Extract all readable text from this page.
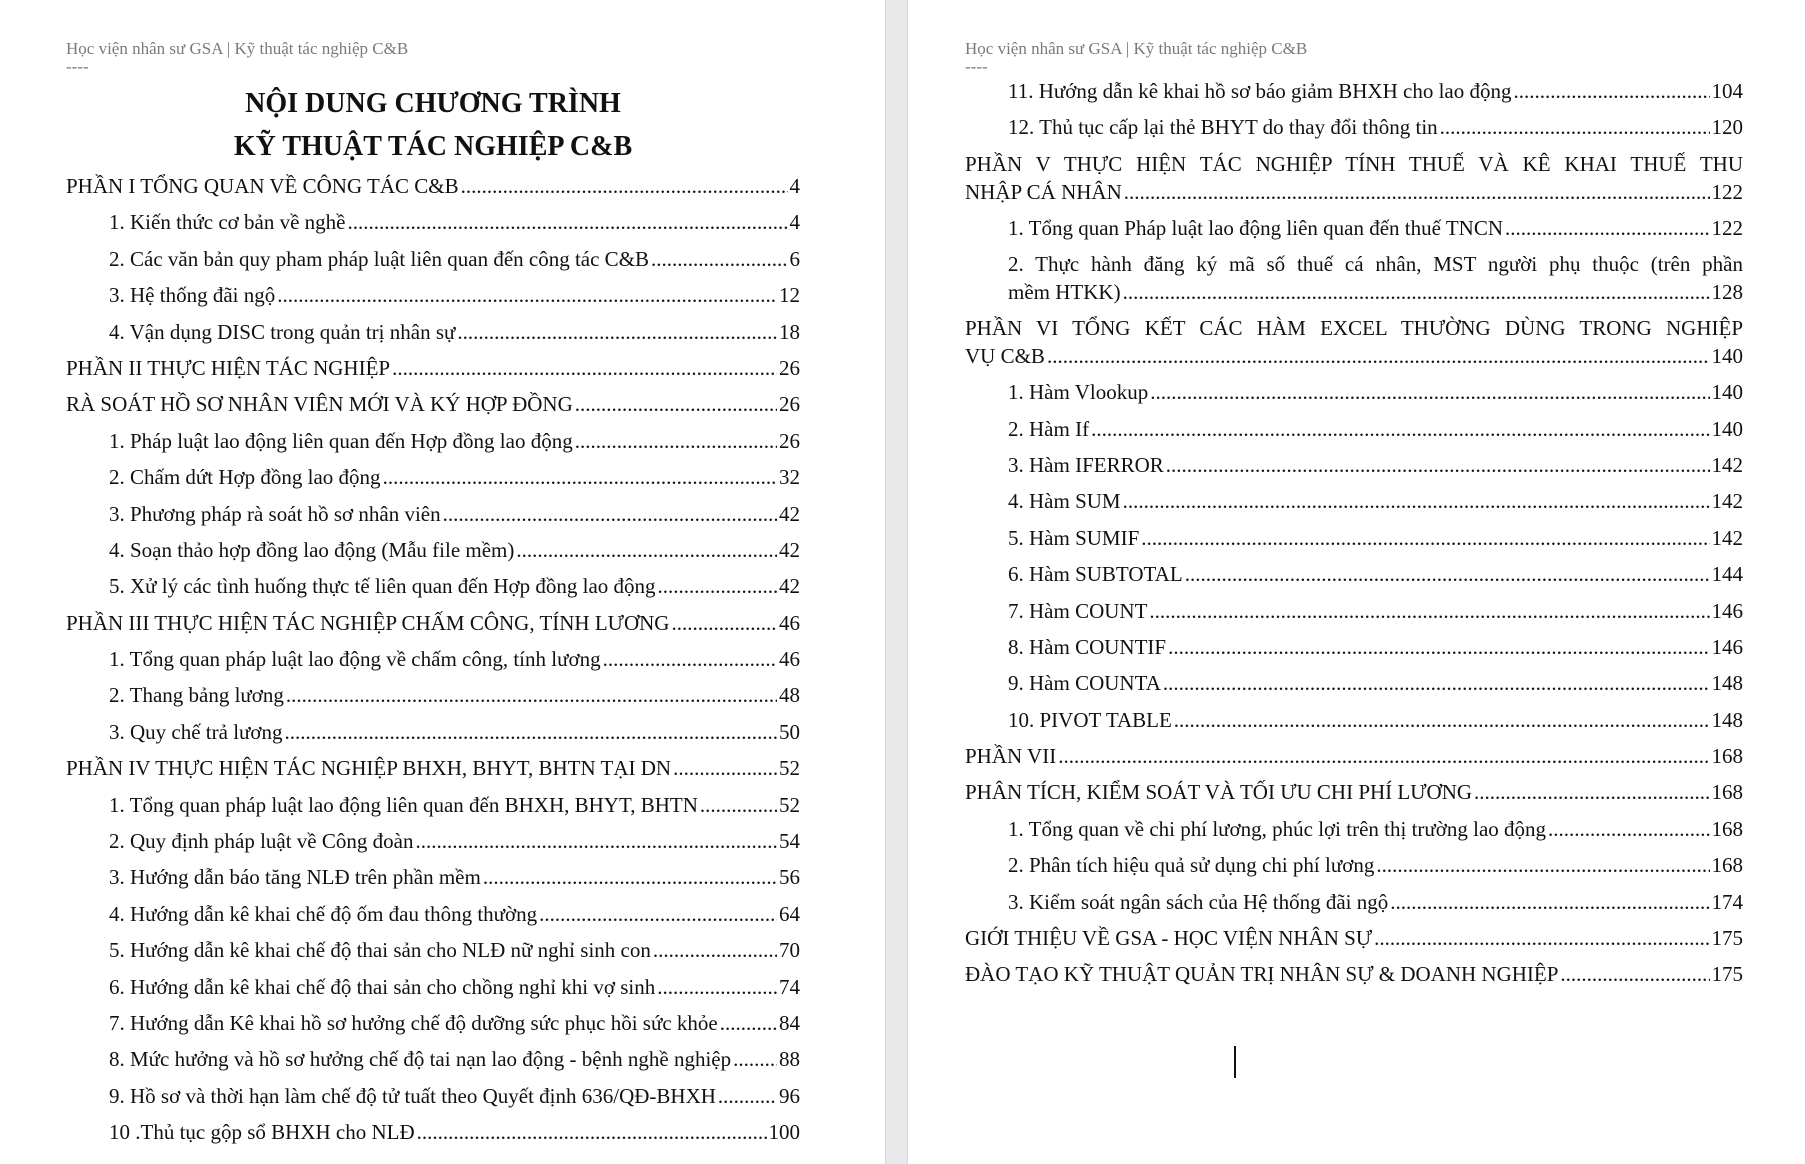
Học viện nhân sư GSA | Kỹ thuật tác nghiệp C&B
----
NỘI DUNG CHƯƠNG TRÌNH
KỸ THUẬT TÁC NGHIỆP C&B
PHẦN I TỔNG QUAN VỀ CÔNG TÁC C&B .....	4
1. Kiến thức cơ bản về nghề .....	4
2. Các văn bản quy pham pháp luật liên quan đến công tác C&B .....	6
3. Hệ thống đãi ngộ .....	12
4. Vận dụng DISC trong quản trị nhân sự .....	18
PHẦN II THỰC HIỆN TÁC NGHIỆP .....	26
RÀ SOÁT HỒ SƠ NHÂN VIÊN MỚI VÀ KÝ HỢP ĐỒNG .....	26
1. Pháp luật lao động liên quan đến Hợp đồng lao động .....	26
2. Chấm dứt Hợp đồng lao động .....	32
3. Phương pháp rà soát hồ sơ nhân viên .....	42
4. Soạn thảo hợp đồng lao động (Mẫu file mềm) .....	42
5. Xử lý các tình huống thực tế liên quan đến Hợp đồng lao động .....	42
PHẦN III THỰC HIỆN TÁC NGHIỆP CHẤM CÔNG, TÍNH LƯƠNG .....	46
1. Tổng quan pháp luật lao động về chấm công, tính lương .....	46
2. Thang bảng lương .....	48
3. Quy chế trả lương .....	50
PHẦN IV THỰC HIỆN TÁC NGHIỆP BHXH, BHYT, BHTN TẠI DN .....	52
1. Tổng quan pháp luật lao động liên quan đến BHXH, BHYT, BHTN .....	52
2. Quy định pháp luật về Công đoàn .....	54
3. Hướng dẫn báo tăng NLĐ trên phần mềm .....	56
4. Hướng dẫn kê khai chế độ ốm đau thông thường .....	64
5. Hướng dẫn kê khai chế độ thai sản cho NLĐ nữ nghỉ sinh con .....	70
6. Hướng dẫn kê khai chế độ thai sản cho chồng nghỉ khi vợ sinh .....	74
7. Hướng dẫn Kê khai hồ sơ hưởng chế độ dưỡng sức phục hồi sức khỏe .....	84
8. Mức hưởng và hồ sơ hưởng chế độ tai nạn lao động - bệnh nghề nghiệp ..... 88
9. Hồ sơ và thời hạn làm chế độ tử tuất theo Quyết định 636/QĐ-BHXH .....	96
10 .Thủ tục gộp sổ BHXH cho NLĐ .....	100
Học viện nhân sư GSA | Kỹ thuật tác nghiệp C&B
----
11. Hướng dẫn kê khai hồ sơ báo giảm BHXH cho lao động .....	104
12. Thủ tục cấp lại thẻ BHYT do thay đổi thông tin .....	120
PHẦN V THỰC HIỆN TÁC NGHIỆP TÍNH THUẾ VÀ KÊ KHAI THUẾ THU
NHẬP CÁ NHÂN .....	122
1. Tổng quan Pháp luật lao động liên quan đến thuế TNCN .....	122
2. Thực hành đăng ký mã số thuế cá nhân, MST người phụ thuộc (trên phần
mềm HTKK) .....	128
PHẦN VI TỔNG KẾT CÁC HÀM EXCEL THƯỜNG DÙNG TRONG NGHIỆP
VỤ C&B .....	140
1. Hàm Vlookup .....	140
2. Hàm If .....	140
3. Hàm IFERROR .....	142
4. Hàm SUM .....	142
5. Hàm SUMIF .....	142
6. Hàm SUBTOTAL .....	144
7. Hàm COUNT .....	146
8. Hàm COUNTIF .....	146
9. Hàm COUNTA .....	148
10. PIVOT TABLE .....	148
PHẦN VII .....	168
PHÂN TÍCH, KIỂM SOÁT VÀ TỐI ƯU CHI PHÍ LƯƠNG .....	168
1. Tổng quan về chi phí lương, phúc lợi trên thị trường lao động .....	168
2. Phân tích hiệu quả sử dụng chi phí lương .....	168
3. Kiểm soát ngân sách của Hệ thống đãi ngộ .....	174
GIỚI THIỆU VỀ GSA - HỌC VIỆN NHÂN SỰ .....	175
ĐÀO TẠO KỸ THUẬT QUẢN TRỊ NHÂN SỰ & DOANH NGHIỆP .....	175
